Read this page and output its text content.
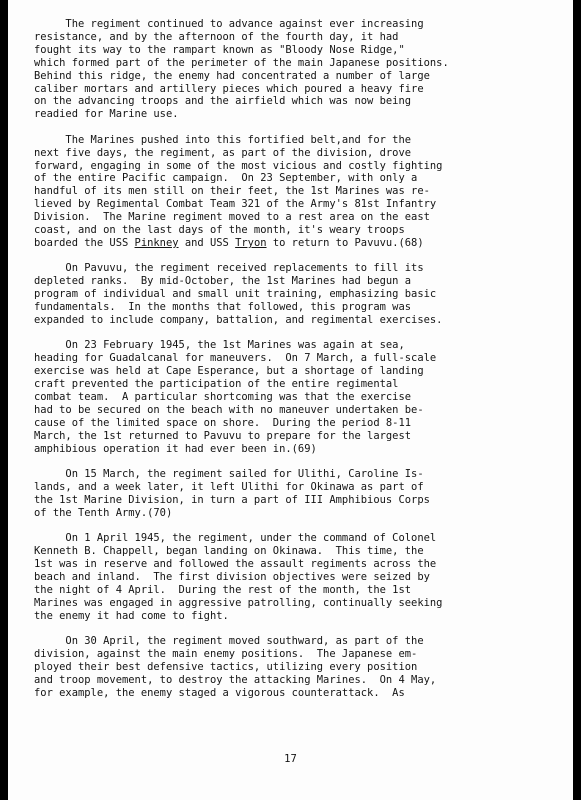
The regiment continued to advance against ever increasing
resistance, and by the afternoon of the fourth day, it had
fought its way to the rampart known as "Bloody Nose Ridge,"
which formed part of the perimeter of the main Japanese positions.
Behind this ridge, the enemy had concentrated a number of large
caliber mortars and artillery pieces which poured a heavy fire
on the advancing troops and the airfield which was now being
readied for Marine use.
The Marines pushed into this fortified belt,and for the
next five days, the regiment, as part of the division, drove
forward, engaging in some of the most vicious and costly fighting
of the entire Pacific campaign.  On 23 September, with only a
handful of its men still on their feet, the 1st Marines was re-
lieved by Regimental Combat Team 321 of the Army's 81st Infantry
Division.  The Marine regiment moved to a rest area on the east
coast, and on the last days of the month, it's weary troops
boarded the USS Pinkney and USS Tryon to return to Pavuvu.(68)
On Pavuvu, the regiment received replacements to fill its
depleted ranks.  By mid-October, the 1st Marines had begun a
program of individual and small unit training, emphasizing basic
fundamentals.  In the months that followed, this program was
expanded to include company, battalion, and regimental exercises.
On 23 February 1945, the 1st Marines was again at sea,
heading for Guadalcanal for maneuvers.  On 7 March, a full-scale
exercise was held at Cape Esperance, but a shortage of landing
craft prevented the participation of the entire regimental
combat team.  A particular shortcoming was that the exercise
had to be secured on the beach with no maneuver undertaken be-
cause of the limited space on shore.  During the period 8-11
March, the 1st returned to Pavuvu to prepare for the largest
amphibious operation it had ever been in.(69)
On 15 March, the regiment sailed for Ulithi, Caroline Is-
lands, and a week later, it left Ulithi for Okinawa as part of
the 1st Marine Division, in turn a part of III Amphibious Corps
of the Tenth Army.(70)
On 1 April 1945, the regiment, under the command of Colonel
Kenneth B. Chappell, began landing on Okinawa.  This time, the
1st was in reserve and followed the assault regiments across the
beach and inland.  The first division objectives were seized by
the night of 4 April.  During the rest of the month, the 1st
Marines was engaged in aggressive patrolling, continually seeking
the enemy it had come to fight.
On 30 April, the regiment moved southward, as part of the
division, against the main enemy positions.  The Japanese em-
ployed their best defensive tactics, utilizing every position
and troop movement, to destroy the attacking Marines.  On 4 May,
for example, the enemy staged a vigorous counterattack.  As
17
